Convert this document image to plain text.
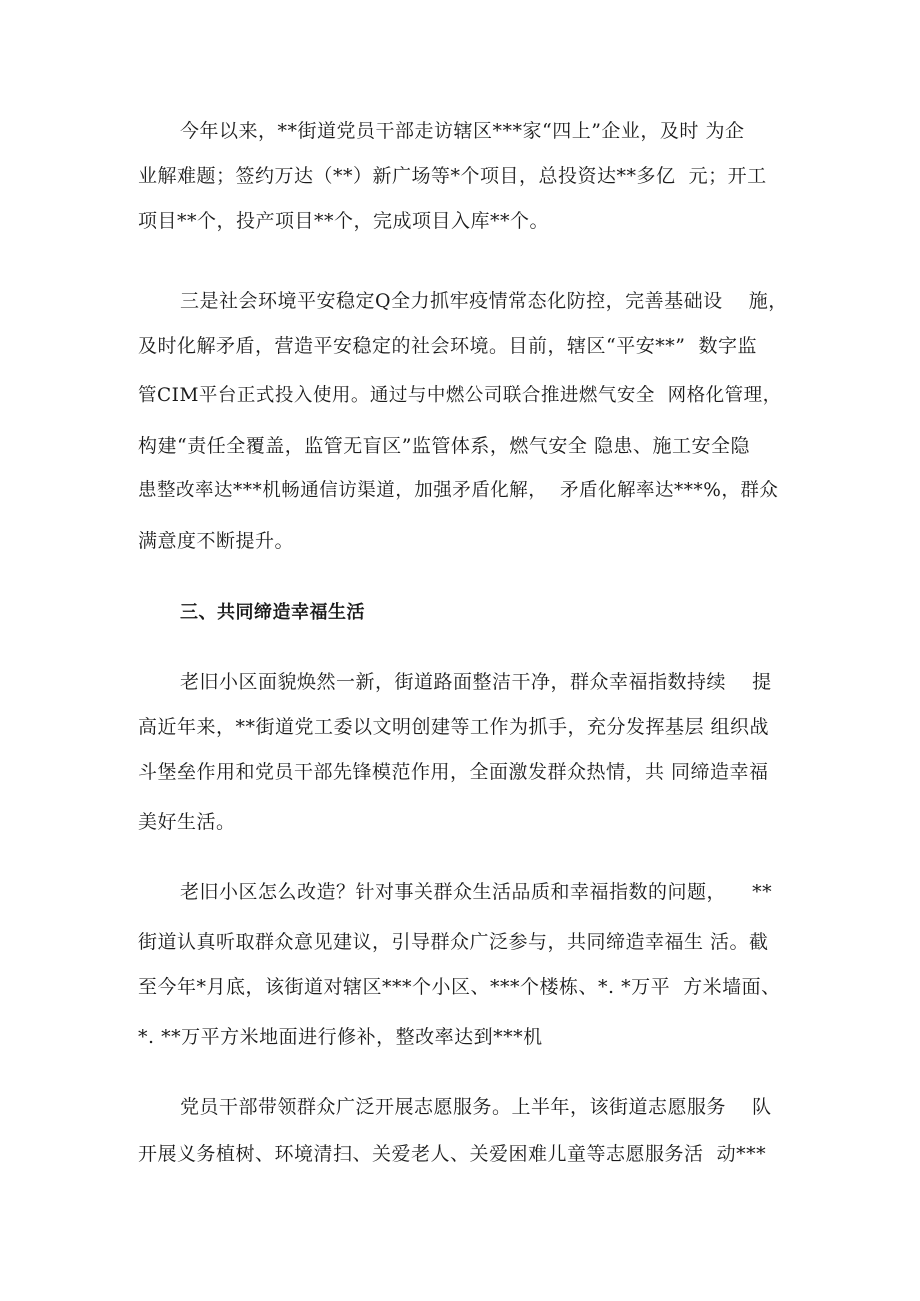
今年以来，**街道党员干部走访辖区***家“四上”企业，及时 为企
业解难题；签约万达（**）新广场等*个项目，总投资达**多亿  元；开工
项目**个，投产项目**个，完成项目入库**个。
三是社会环境平安稳定Q全力抓牢疫情常态化防控，完善基础设    施，
及时化解矛盾，营造平安稳定的社会环境。目前，辖区“平安**”  数字监
管CIM平台正式投入使用。通过与中燃公司联合推进燃气安全  网格化管理，
构建“责任全覆盖，监管无盲区”监管体系，燃气安全 隐患、施工安全隐
患整改率达***机畅通信访渠道，加强矛盾化解，  矛盾化解率达***%，群众
满意度不断提升。
三、共同缔造幸福生活
老旧小区面貌焕然一新，街道路面整洁干净，群众幸福指数持续    提
高近年来，**街道党工委以文明创建等工作为抓手，充分发挥基层 组织战
斗堡垒作用和党员干部先锋模范作用，全面激发群众热情，共 同缔造幸福
美好生活。
老旧小区怎么改造？针对事关群众生活品质和幸福指数的问题，    **
街道认真听取群众意见建议，引导群众广泛参与，共同缔造幸福生 活。截
至今年*月底，该街道对辖区***个小区、***个楼栋、*. *万平  方米墙面、
*. **万平方米地面进行修补，整改率达到***机
党员干部带领群众广泛开展志愿服务。上半年，该街道志愿服务    队
开展义务植树、环境清扫、关爱老人、关爱困难儿童等志愿服务活  动***
